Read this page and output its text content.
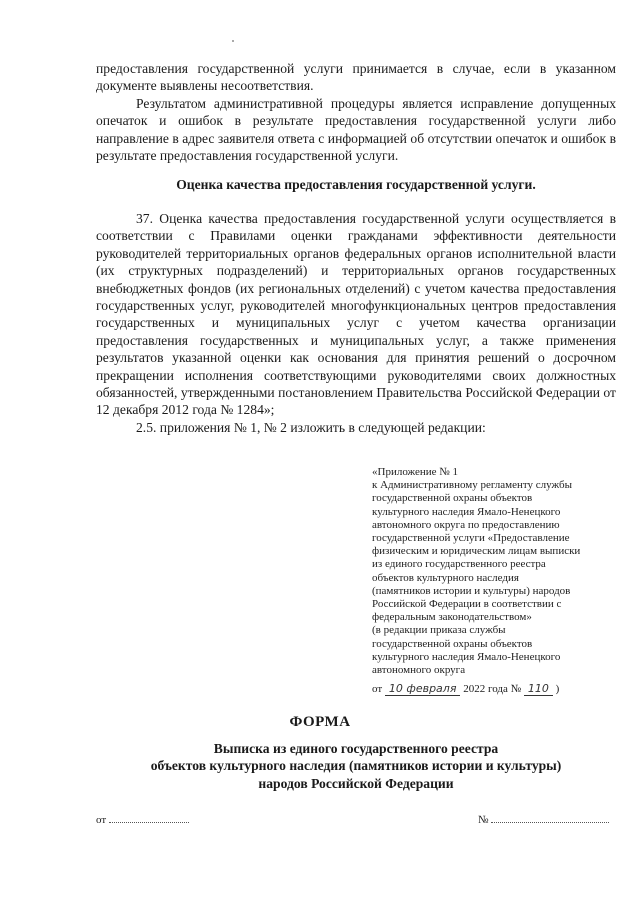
предоставления государственной услуги принимается в случае, если в указанном документе выявлены несоответствия.

Результатом административной процедуры является исправление допущенных опечаток и ошибок в результате предоставления государственной услуги либо направление в адрес заявителя ответа с информацией об отсутствии опечаток и ошибок в результате предоставления государственной услуги.

Оценка качества предоставления государственной услуги.

37. Оценка качества предоставления государственной услуги осуществляется в соответствии с Правилами оценки гражданами эффективности деятельности руководителей территориальных органов федеральных органов исполнительной власти (их структурных подразделений) и территориальных органов государственных внебюджетных фондов (их региональных отделений) с учетом качества предоставления государственных услуг, руководителей многофункциональных центров предоставления государственных и муниципальных услуг с учетом качества организации предоставления государственных и муниципальных услуг, а также применения результатов указанной оценки как основания для принятия решений о досрочном прекращении исполнения соответствующими руководителями своих должностных обязанностей, утвержденными постановлением Правительства Российской Федерации от 12 декабря 2012 года № 1284»;

2.5. приложения № 1, № 2 изложить в следующей редакции:

«Приложение № 1
к Административному регламенту службы
государственной охраны объектов
культурного наследия Ямало-Ненецкого
автономного округа по предоставлению
государственной услуги «Предоставление
физическим и юридическим лицам выписки
из единого государственного реестра
объектов культурного наследия
(памятников истории и культуры) народов
Российской Федерации в соответствии с
федеральным законодательством»
(в редакции приказа службы
государственной охраны объектов
культурного наследия Ямало-Ненецкого
автономного округа
от 10 февраля 2022 года № 110 )
ФОРМА
Выписка из единого государственного реестра
объектов культурного наследия (памятников истории и культуры)
народов Российской Федерации
от	№
